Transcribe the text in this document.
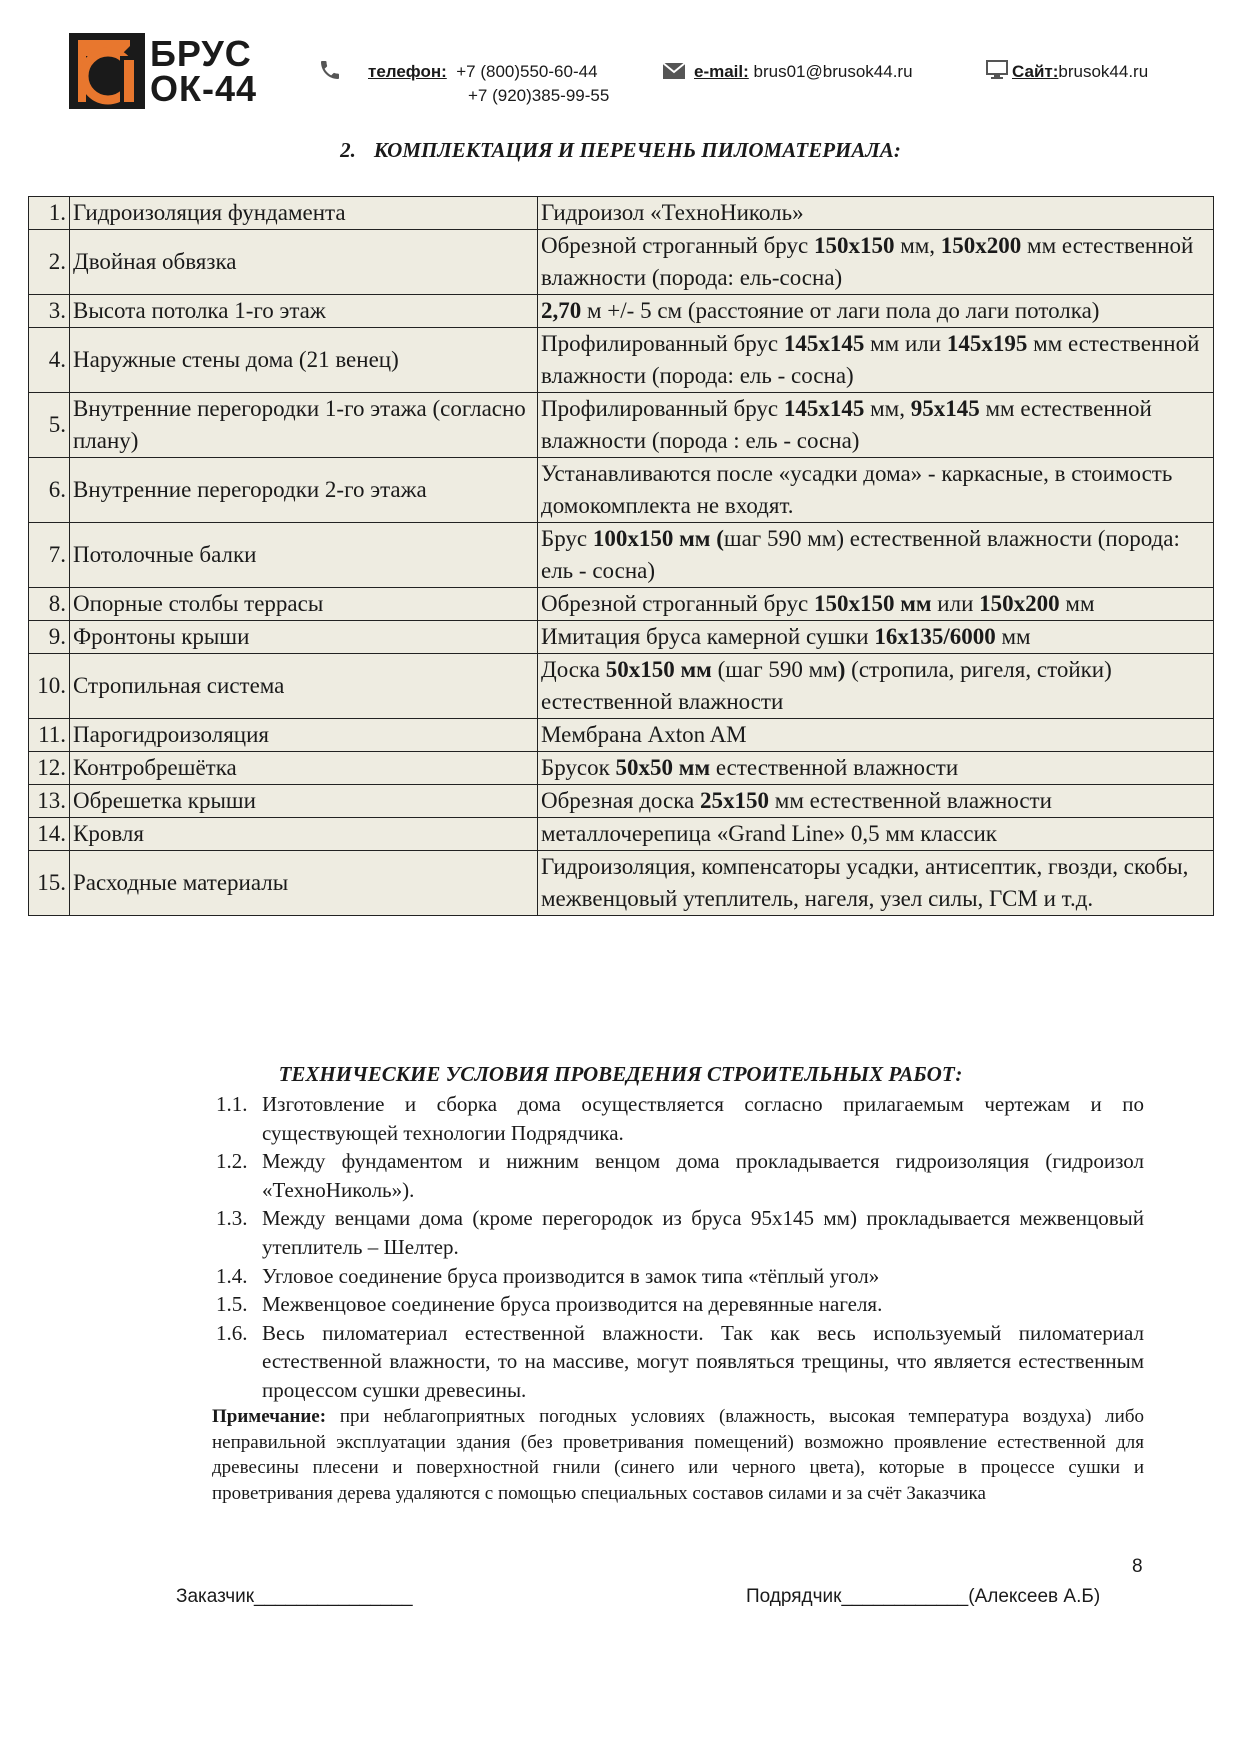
БРУС
ОК-44	телефон: +7 (800)550-60-44
+7 (920)385-99-55
e-mail: brus01@brusok44.ru	Сайт:brusok44.ru
2. КОМПЛЕКТАЦИЯ И ПЕРЕЧЕНЬ ПИЛОМАТЕРИАЛА:
1.	Гидроизоляция фундамента	Гидроизол «ТехноНиколь»
2.	Двойная обвязка	Обрезной строганный брус 150х150 мм, 150х200 мм естественной влажности (порода: ель-сосна)
3.	Высота потолка 1-го этаж	2,70 м +/- 5 см (расстояние от лаги пола до лаги потолка)
4.	Наружные стены дома (21 венец)	Профилированный брус 145х145 мм или 145х195 мм естественной влажности (порода: ель - сосна)
5.	Внутренние перегородки 1-го этажа (согласно плану)	Профилированный брус 145х145 мм, 95х145 мм естественной влажности (порода : ель - сосна)
6.	Внутренние перегородки 2-го этажа	Устанавливаются после «усадки дома» - каркасные, в стоимость домокомплекта не входят.
7.	Потолочные балки	Брус 100х150 мм (шаг 590 мм) естественной влажности (порода: ель - сосна)
8.	Опорные столбы террасы	Обрезной строганный брус 150х150 мм или 150х200 мм
9.	Фронтоны крыши	Имитация бруса камерной сушки 16х135/6000 мм
10.	Стропильная система	Доска 50х150 мм (шаг 590 мм) (стропила, ригеля, стойки) естественной влажности
11.	Парогидроизоляция	Мембрана Axton AM
12.	Контробрешётка	Брусок 50х50 мм естественной влажности
13.	Обрешетка крыши	Обрезная доска 25х150 мм естественной влажности
14.	Кровля	металлочерепица «Grand Line» 0,5 мм классик
15.	Расходные материалы	Гидроизоляция, компенсаторы усадки, антисептик, гвозди, скобы, межвенцовый утеплитель, нагеля, узел силы, ГСМ и т.д.
ТЕХНИЧЕСКИЕ УСЛОВИЯ ПРОВЕДЕНИЯ СТРОИТЕЛЬНЫХ РАБОТ:
1.1. Изготовление и сборка дома осуществляется согласно прилагаемым чертежам и по существующей технологии Подрядчика.
1.2. Между фундаментом и нижним венцом дома прокладывается гидроизоляция (гидроизол «ТехноНиколь»).
1.3. Между венцами дома (кроме перегородок из бруса 95х145 мм) прокладывается межвенцовый утеплитель – Шелтер.
1.4. Угловое соединение бруса производится в замок типа «тёплый угол»
1.5. Межвенцовое соединение бруса производится на деревянные нагеля.
1.6. Весь пиломатериал естественной влажности. Так как весь используемый пиломатериал естественной влажности, то на массиве, могут появляться трещины, что является естественным процессом сушки древесины.
Примечание: при неблагоприятных погодных условиях (влажность, высокая температура воздуха) либо неправильной эксплуатации здания (без проветривания помещений) возможно проявление естественной для древесины плесени и поверхностной гнили (синего или черного цвета), которые в процессе сушки и проветривания дерева удаляются с помощью специальных составов силами и за счёт Заказчика
8
Заказчик_______________	Подрядчик____________(Алексеев А.Б)
